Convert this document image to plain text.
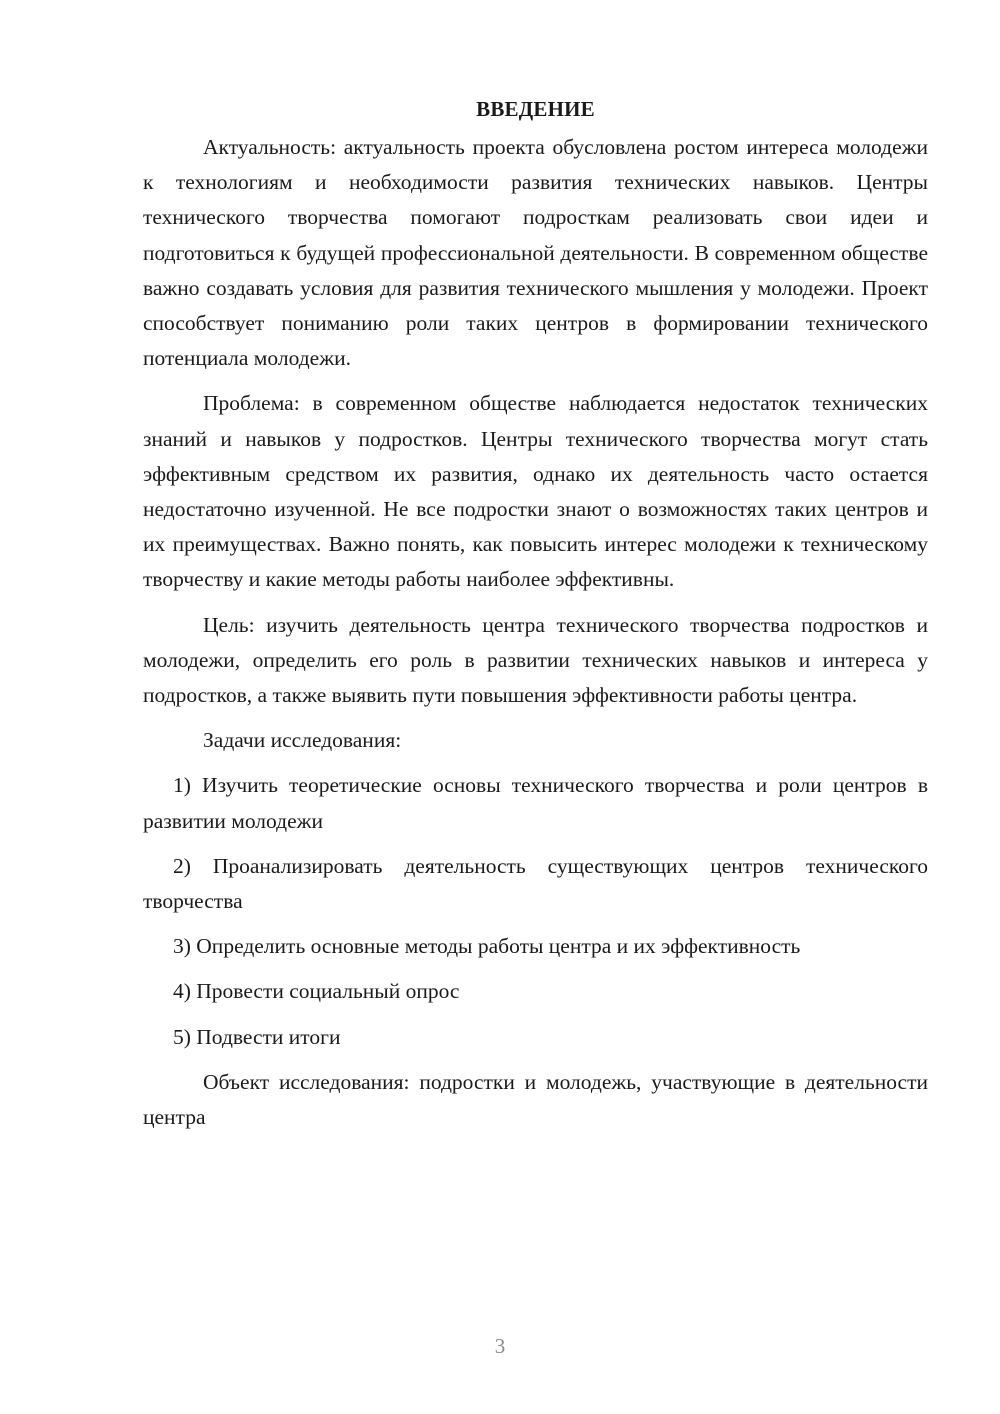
ВВЕДЕНИЕ

Актуальность: актуальность проекта обусловлена ростом интереса молодежи к технологиям и необходимости развития технических навыков. Центры технического творчества помогают подросткам реализовать свои идеи и подготовиться к будущей профессиональной деятельности. В современном обществе важно создавать условия для развития технического мышления у молодежи. Проект способствует пониманию роли таких центров в формировании технического потенциала молодежи.

Проблема: в современном обществе наблюдается недостаток технических знаний и навыков у подростков. Центры технического творчества могут стать эффективным средством их развития, однако их деятельность часто остается недостаточно изученной. Не все подростки знают о возможностях таких центров и их преимуществах. Важно понять, как повысить интерес молодежи к техническому творчеству и какие методы работы наиболее эффективны.

Цель: изучить деятельность центра технического творчества подростков и молодежи, определить его роль в развитии технических навыков и интереса у подростков, а также выявить пути повышения эффективности работы центра.

Задачи исследования:

1) Изучить теоретические основы технического творчества и роли центров в развитии молодежи

2) Проанализировать деятельность существующих центров технического творчества

3) Определить основные методы работы центра и их эффективность

4) Провести социальный опрос

5) Подвести итоги

Объект исследования: подростки и молодежь, участвующие в деятельности центра

3
